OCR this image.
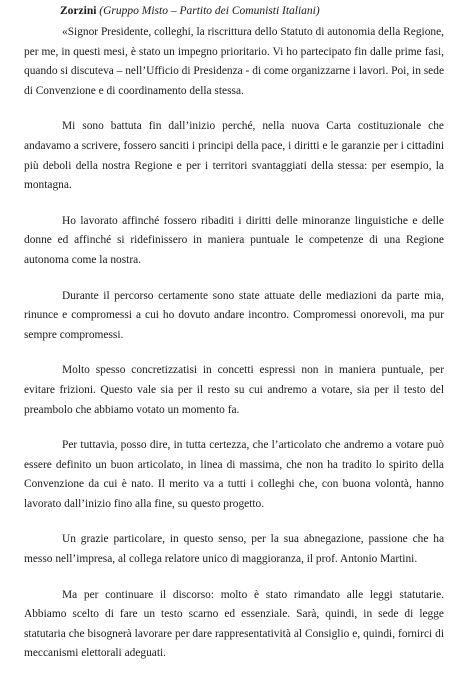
Zorzini (Gruppo Misto – Partito dei Comunisti Italiani)

«Signor Presidente, colleghi, la riscrittura dello Statuto di autonomia della Regione, per me, in questi mesi, è stato un impegno prioritario. Vi ho partecipato fin dalle prime fasi, quando si discuteva – nell’Ufficio di Presidenza - di come organizzarne i lavori. Poi, in sede di Convenzione e di coordinamento della stessa.

Mi sono battuta fin dall’inizio perché, nella nuova Carta costituzionale che andavamo a scrivere, fossero sanciti i principi della pace, i diritti e le garanzie per i cittadini più deboli della nostra Regione e per i territori svantaggiati della stessa: per esempio, la montagna.

Ho lavorato affinché fossero ribaditi i diritti delle minoranze linguistiche e delle donne ed affinché si ridefinissero in maniera puntuale le competenze di una Regione autonoma come la nostra.

Durante il percorso certamente sono state attuate delle mediazioni da parte mia, rinunce e compromessi a cui ho dovuto andare incontro. Compromessi onorevoli, ma pur sempre compromessi.

Molto spesso concretizzatisi in concetti espressi non in maniera puntuale, per evitare frizioni. Questo vale sia per il resto su cui andremo a votare, sia per il testo del preambolo che abbiamo votato un momento fa.

Per tuttavia, posso dire, in tutta certezza, che l’articolato che andremo a votare può essere definito un buon articolato, in linea di massima, che non ha tradito lo spirito della Convenzione da cui è nato. Il merito va a tutti i colleghi che, con buona volontà, hanno lavorato dall’inizio fino alla fine, su questo progetto.

Un grazie particolare, in questo senso, per la sua abnegazione, passione che ha messo nell’impresa, al collega relatore unico di maggioranza, il prof. Antonio Martini.

Ma per continuare il discorso: molto è stato rimandato alle leggi statutarie. Abbiamo scelto di fare un testo scarno ed essenziale. Sarà, quindi, in sede di legge statutaria che bisognerà lavorare per dare rappresentatività al Consiglio e, quindi, fornirci di meccanismi elettorali adeguati.
